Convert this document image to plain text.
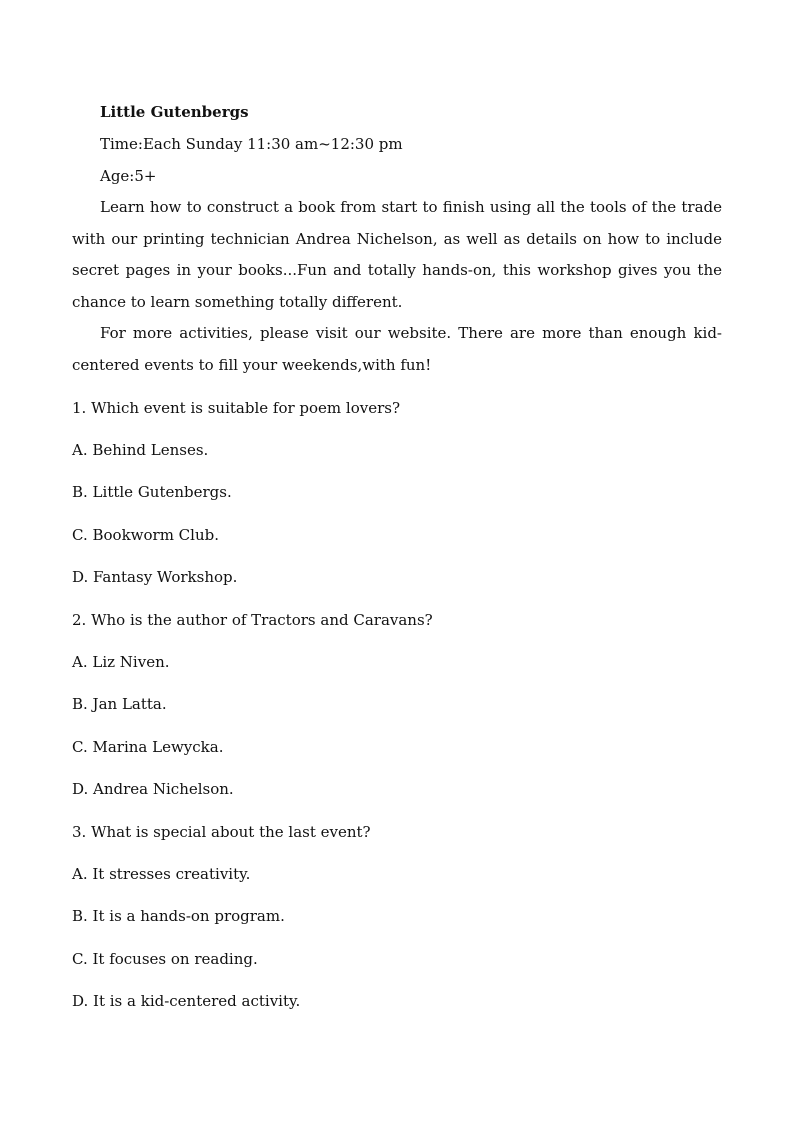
Little Gutenbergs
Time:Each Sunday 11:30 am~12:30 pm
Age:5+
Learn how to construct a book from start to finish using all the tools of the trade with our printing technician Andrea Nichelson, as well as details on how to include secret pages in your books...Fun and totally hands-on, this workshop gives you the chance to learn something totally different.
For more activities, please visit our website. There are more than enough kid-centered events to fill your weekends,with fun!
1. Which event is suitable for poem lovers?
A. Behind Lenses.
B. Little Gutenbergs.
C. Bookworm Club.
D. Fantasy Workshop.
2. Who is the author of Tractors and Caravans?
A. Liz Niven.
B. Jan Latta.
C. Marina Lewycka.
D. Andrea Nichelson.
3. What is special about the last event?
A. It stresses creativity.
B. It is a hands-on program.
C. It focuses on reading.
D. It is a kid-centered activity.
